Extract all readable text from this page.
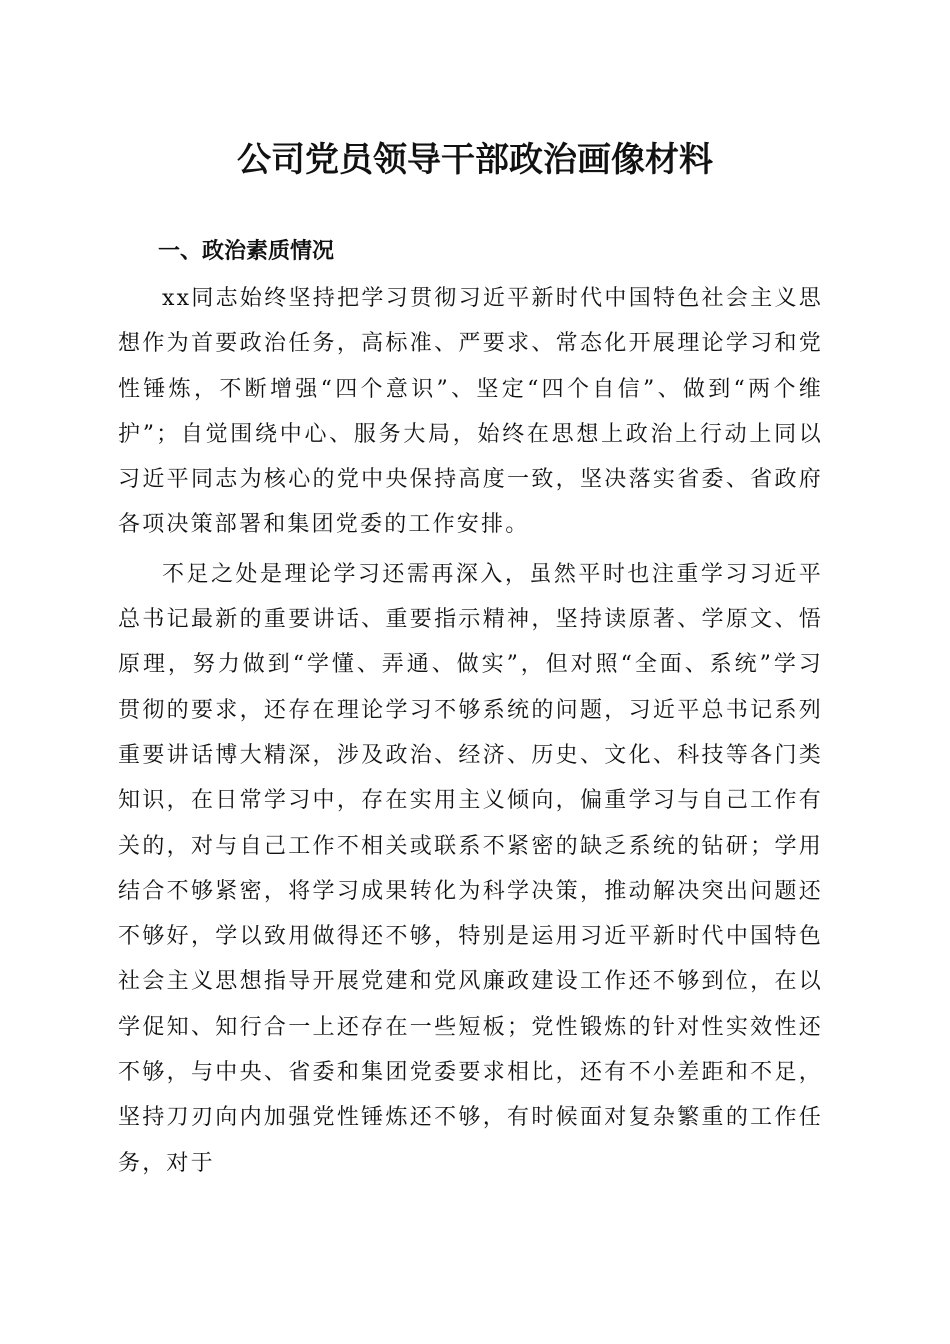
公司党员领导干部政治画像材料
一、政治素质情况

xx同志始终坚持把学习贯彻习近平新时代中国特色社会主义思想作为首要政治任务，高标准、严要求、常态化开展理论学习和党性锤炼，不断增强“四个意识”、坚定“四个自信”、做到“两个维护”；自觉围绕中心、服务大局，始终在思想上政治上行动上同以习近平同志为核心的党中央保持高度一致，坚决落实省委、省政府各项决策部署和集团党委的工作安排。

不足之处是理论学习还需再深入，虽然平时也注重学习习近平总书记最新的重要讲话、重要指示精神，坚持读原著、学原文、悟原理，努力做到“学懂、弄通、做实”，但对照“全面、系统”学习贯彻的要求，还存在理论学习不够系统的问题，习近平总书记系列重要讲话博大精深，涉及政治、经济、历史、文化、科技等各门类知识，在日常学习中，存在实用主义倾向，偏重学习与自己工作有关的，对与自己工作不相关或联系不紧密的缺乏系统的钻研；学用结合不够紧密，将学习成果转化为科学决策，推动解决突出问题还不够好，学以致用做得还不够，特别是运用习近平新时代中国特色社会主义思想指导开展党建和党风廉政建设工作还不够到位，在以学促知、知行合一上还存在一些短板；党性锻炼的针对性实效性还不够，与中央、省委和集团党委要求相比，还有不小差距和不足，坚持刀刃向内加强党性锤炼还不够，有时候面对复杂繁重的工作任务，对于
